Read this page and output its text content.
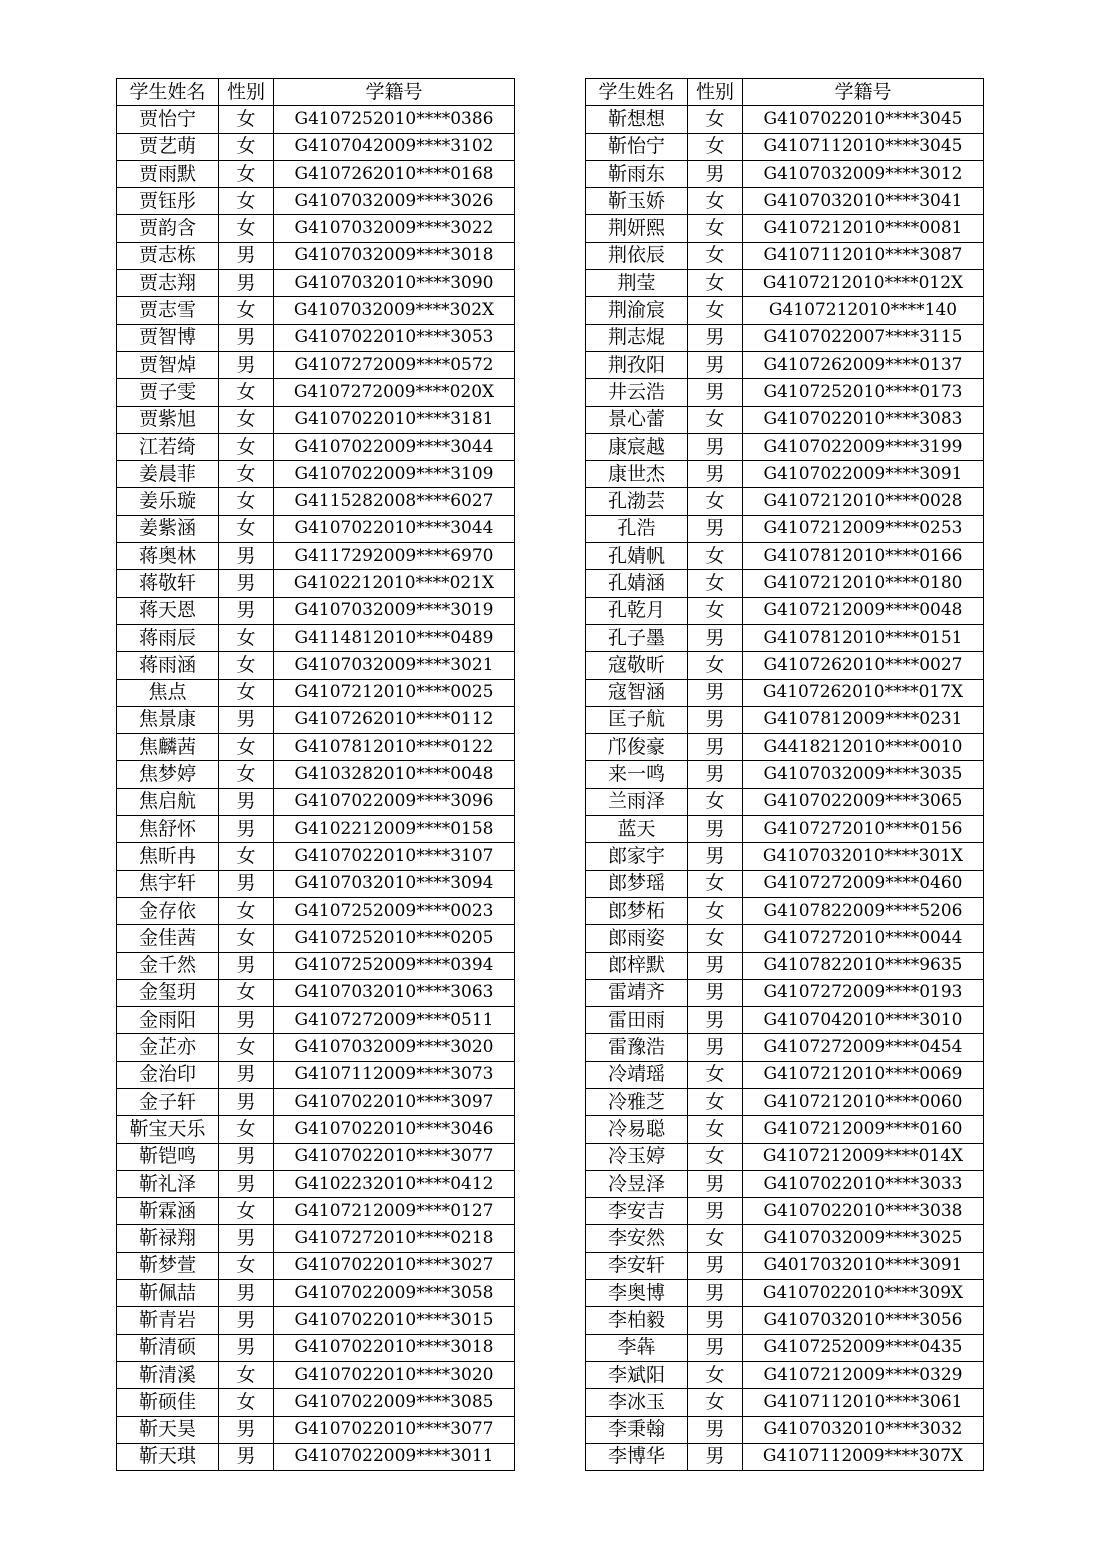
学生姓名	性别	学籍号
贾怡宁	女	G4107252010****0386
贾艺萌	女	G4107042009****3102
贾雨默	女	G4107262010****0168
贾钰彤	女	G4107032009****3026
贾韵含	女	G4107032009****3022
贾志栋	男	G4107032009****3018
贾志翔	男	G4107032010****3090
贾志雪	女	G4107032009****302X
贾智博	男	G4107022010****3053
贾智焯	男	G4107272009****0572
贾子雯	女	G4107272009****020X
贾紫旭	女	G4107022010****3181
江若绮	女	G4107022009****3044
姜晨菲	女	G4107022009****3109
姜乐璇	女	G4115282008****6027
姜紫涵	女	G4107022010****3044
蒋奥林	男	G4117292009****6970
蒋敬轩	男	G4102212010****021X
蒋天恩	男	G4107032009****3019
蒋雨辰	女	G4114812010****0489
蒋雨涵	女	G4107032009****3021
焦点	女	G4107212010****0025
焦景康	男	G4107262010****0112
焦麟茜	女	G4107812010****0122
焦梦婷	女	G4103282010****0048
焦启航	男	G4107022009****3096
焦舒怀	男	G4102212009****0158
焦昕冉	女	G4107022010****3107
焦宇轩	男	G4107032010****3094
金存依	女	G4107252009****0023
金佳茜	女	G4107252010****0205
金千然	男	G4107252009****0394
金玺玥	女	G4107032010****3063
金雨阳	男	G4107272009****0511
金芷亦	女	G4107032009****3020
金治印	男	G4107112009****3073
金子轩	男	G4107022010****3097
靳宝天乐	女	G4107022010****3046
靳铠鸣	男	G4107022010****3077
靳礼泽	男	G4102232010****0412
靳霖涵	女	G4107212009****0127
靳禄翔	男	G4107272010****0218
靳梦萱	女	G4107022010****3027
靳佩喆	男	G4107022009****3058
靳青岩	男	G4107022010****3015
靳清硕	男	G4107022010****3018
靳清溪	女	G4107022010****3020
靳硕佳	女	G4107022009****3085
靳天昊	男	G4107022010****3077
靳天琪	男	G4107022009****3011
学生姓名	性别	学籍号
靳想想	女	G4107022010****3045
靳怡宁	女	G4107112010****3045
靳雨东	男	G4107032009****3012
靳玉娇	女	G4107032010****3041
荆妍熙	女	G4107212010****0081
荆依辰	女	G4107112010****3087
荆莹	女	G4107212010****012X
荆渝宸	女	G4107212010****140
荆志焜	男	G4107022007****3115
荆孜阳	男	G4107262009****0137
井云浩	男	G4107252010****0173
景心蕾	女	G4107022010****3083
康宸越	男	G4107022009****3199
康世杰	男	G4107022009****3091
孔渤芸	女	G4107212010****0028
孔浩	男	G4107212009****0253
孔婧帆	女	G4107812010****0166
孔婧涵	女	G4107212010****0180
孔乾月	女	G4107212009****0048
孔子墨	男	G4107812010****0151
寇敬昕	女	G4107262010****0027
寇智涵	男	G4107262010****017X
匡子航	男	G4107812009****0231
邝俊豪	男	G4418212010****0010
来一鸣	男	G4107032009****3035
兰雨泽	女	G4107022009****3065
蓝天	男	G4107272010****0156
郎家宇	男	G4107032010****301X
郎梦瑶	女	G4107272009****0460
郎梦柘	女	G4107822009****5206
郎雨姿	女	G4107272010****0044
郎梓默	男	G4107822010****9635
雷靖齐	男	G4107272009****0193
雷田雨	男	G4107042010****3010
雷豫浩	男	G4107272009****0454
冷靖瑶	女	G4107212010****0069
冷雅芝	女	G4107212010****0060
冷易聪	女	G4107212009****0160
冷玉婷	女	G4107212009****014X
冷昱泽	男	G4107022010****3033
李安吉	男	G4107022010****3038
李安然	女	G4107032009****3025
李安轩	男	G4017032010****3091
李奥博	男	G4107022010****309X
李柏毅	男	G4107032010****3056
李犇	男	G4107252009****0435
李斌阳	女	G4107212009****0329
李冰玉	女	G4107112010****3061
李秉翰	男	G4107032010****3032
李博华	男	G4107112009****307X
